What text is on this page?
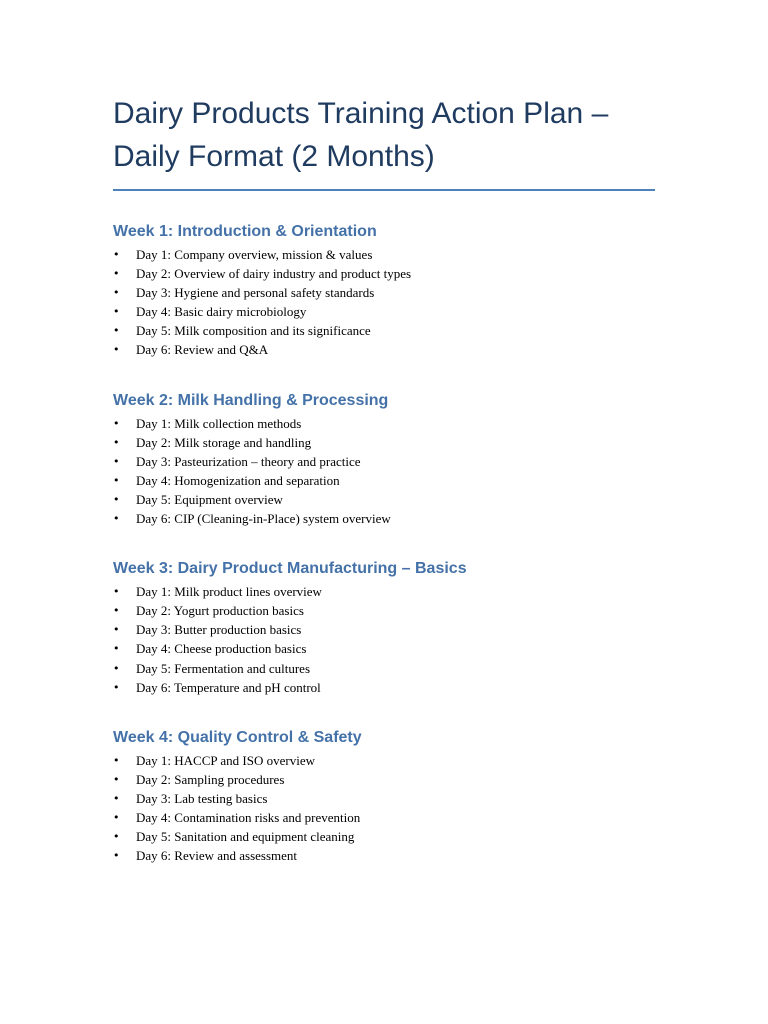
Dairy Products Training Action Plan –
Daily Format (2 Months)
Week 1: Introduction & Orientation
• Day 1: Company overview, mission & values
• Day 2: Overview of dairy industry and product types
• Day 3: Hygiene and personal safety standards
• Day 4: Basic dairy microbiology
• Day 5: Milk composition and its significance
• Day 6: Review and Q&A
Week 2: Milk Handling & Processing
• Day 1: Milk collection methods
• Day 2: Milk storage and handling
• Day 3: Pasteurization – theory and practice
• Day 4: Homogenization and separation
• Day 5: Equipment overview
• Day 6: CIP (Cleaning-in-Place) system overview
Week 3: Dairy Product Manufacturing – Basics
• Day 1: Milk product lines overview
• Day 2: Yogurt production basics
• Day 3: Butter production basics
• Day 4: Cheese production basics
• Day 5: Fermentation and cultures
• Day 6: Temperature and pH control
Week 4: Quality Control & Safety
• Day 1: HACCP and ISO overview
• Day 2: Sampling procedures
• Day 3: Lab testing basics
• Day 4: Contamination risks and prevention
• Day 5: Sanitation and equipment cleaning
• Day 6: Review and assessment
